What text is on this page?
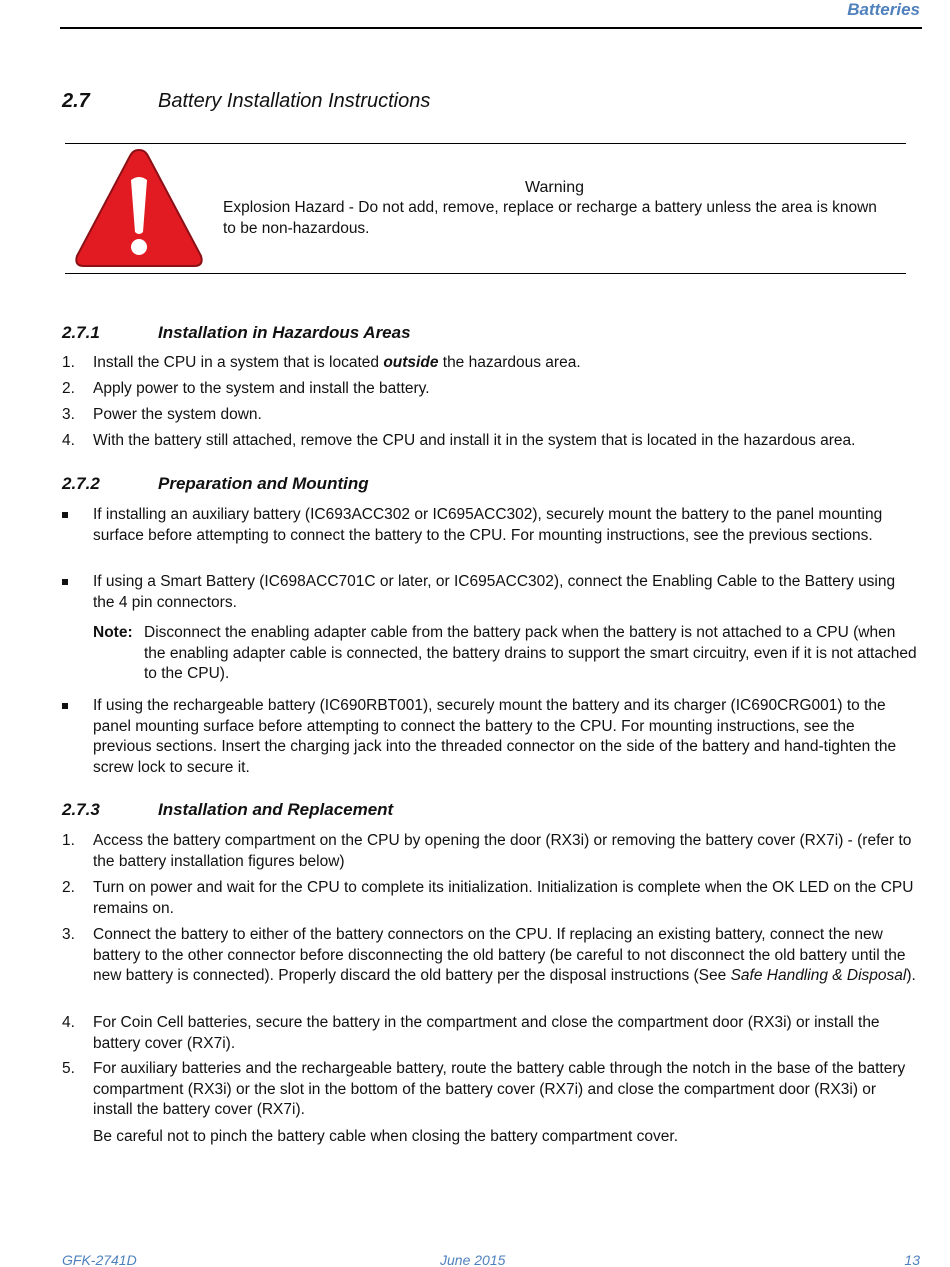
Batteries
2.7	Battery Installation Instructions
Warning
Explosion Hazard - Do not add, remove, replace or recharge a battery unless the area is known to be non-hazardous.
2.7.1	Installation in Hazardous Areas
1. Install the CPU in a system that is located outside the hazardous area.
2. Apply power to the system and install the battery.
3. Power the system down.
4. With the battery still attached, remove the CPU and install it in the system that is located in the hazardous area.
2.7.2	Preparation and Mounting
If installing an auxiliary battery (IC693ACC302 or IC695ACC302), securely mount the battery to the panel mounting surface before attempting to connect the battery to the CPU. For mounting instructions, see the previous sections.
If using a Smart Battery (IC698ACC701C or later, or IC695ACC302), connect the Enabling Cable to the Battery using the 4 pin connectors.
Note: Disconnect the enabling adapter cable from the battery pack when the battery is not attached to a CPU (when the enabling adapter cable is connected, the battery drains to support the smart circuitry, even if it is not attached to the CPU).
If using the rechargeable battery (IC690RBT001), securely mount the battery and its charger (IC690CRG001) to the panel mounting surface before attempting to connect the battery to the CPU. For mounting instructions, see the previous sections. Insert the charging jack into the threaded connector on the side of the battery and hand-tighten the screw lock to secure it.
2.7.3	Installation and Replacement
1. Access the battery compartment on the CPU by opening the door (RX3i) or removing the battery cover (RX7i) - (refer to the battery installation figures below)
2. Turn on power and wait for the CPU to complete its initialization. Initialization is complete when the OK LED on the CPU remains on.
3. Connect the battery to either of the battery connectors on the CPU. If replacing an existing battery, connect the new battery to the other connector before disconnecting the old battery (be careful to not disconnect the old battery until the new battery is connected). Properly discard the old battery per the disposal instructions (See Safe Handling & Disposal).
4. For Coin Cell batteries, secure the battery in the compartment and close the compartment door (RX3i) or install the battery cover (RX7i).
5. For auxiliary batteries and the rechargeable battery, route the battery cable through the notch in the base of the battery compartment (RX3i) or the slot in the bottom of the battery cover (RX7i) and close the compartment door (RX3i) or install the battery cover (RX7i).
Be careful not to pinch the battery cable when closing the battery compartment cover.
GFK-2741D	June 2015	13
